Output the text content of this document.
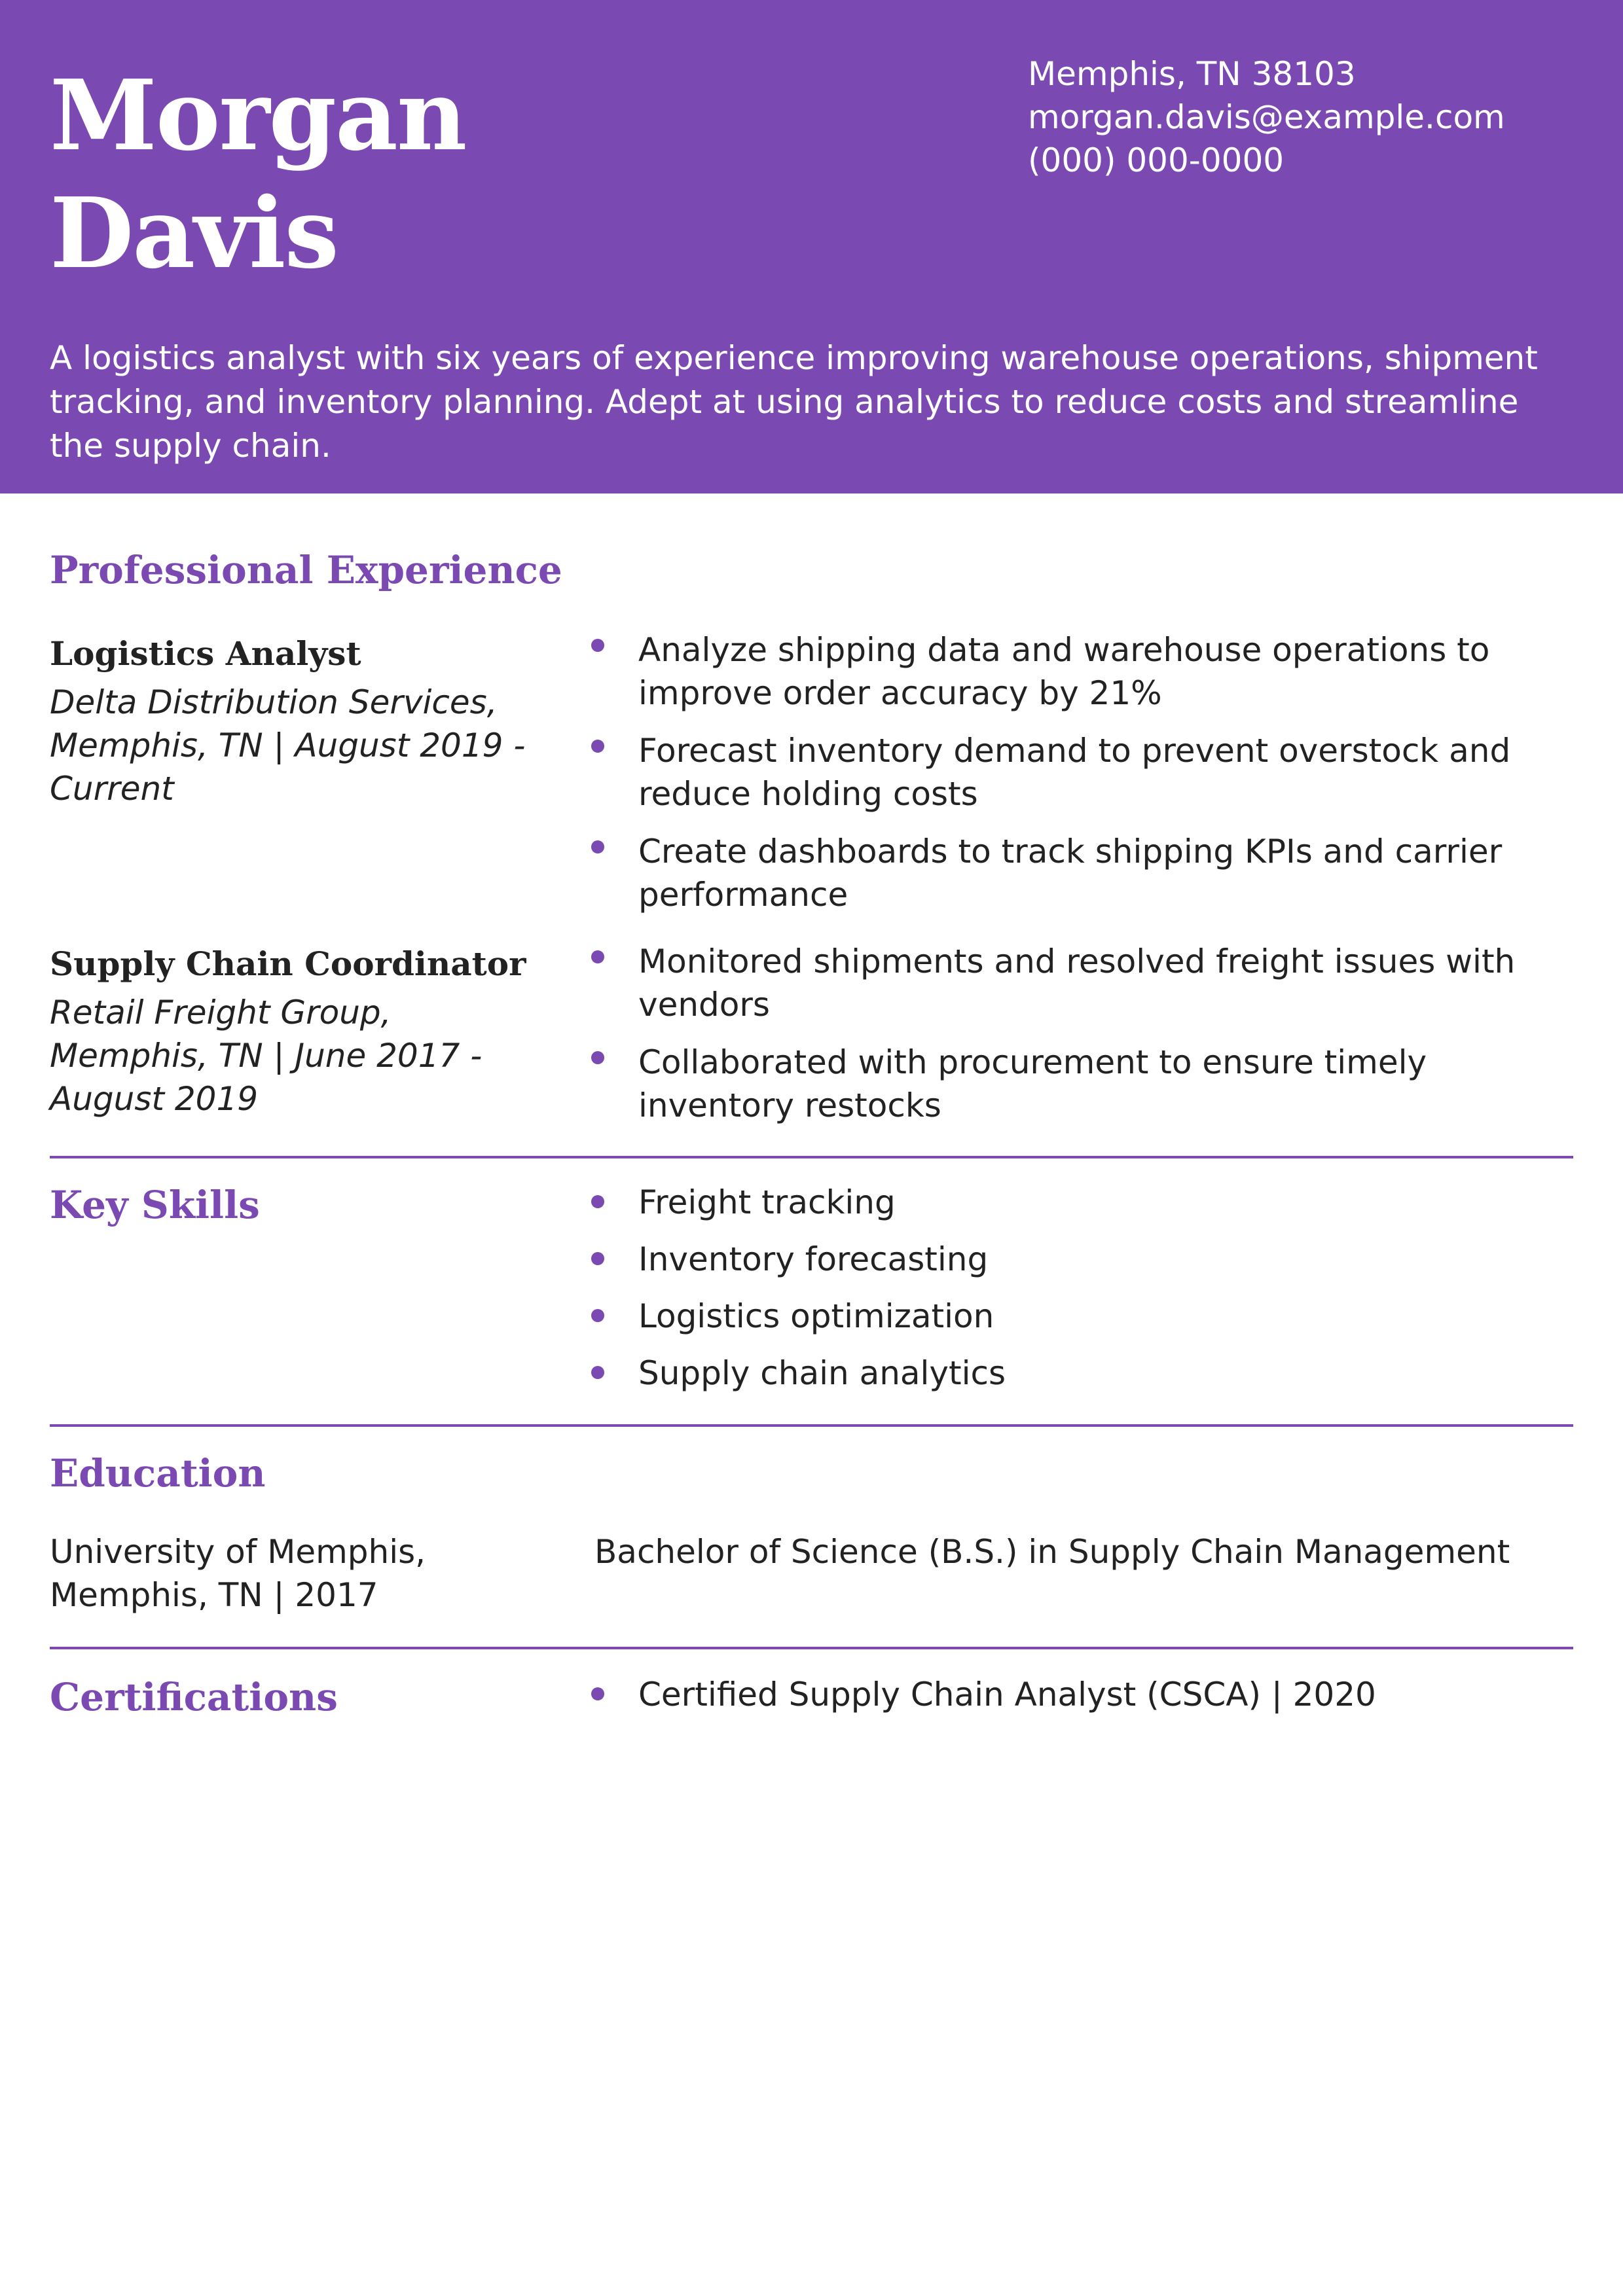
Morgan
Davis
Memphis, TN 38103
morgan.davis@example.com
(000) 000-0000
A logistics analyst with six years of experience improving warehouse operations, shipment tracking, and inventory planning. Adept at using analytics to reduce costs and streamline the supply chain.
Professional Experience
Logistics Analyst
Delta Distribution Services,
Memphis, TN | August 2019 -
Current
Analyze shipping data and warehouse operations to
improve order accuracy by 21%
Forecast inventory demand to prevent overstock and
reduce holding costs
Create dashboards to track shipping KPIs and carrier
performance
Supply Chain Coordinator
Retail Freight Group,
Memphis, TN | June 2017 -
August 2019
Monitored shipments and resolved freight issues with
vendors
Collaborated with procurement to ensure timely
inventory restocks
Key Skills	Freight tracking
Inventory forecasting
Logistics optimization
Supply chain analytics
Education
University of Memphis,
Memphis, TN | 2017
Bachelor of Science (B.S.) in Supply Chain Management
Certifications	Certified Supply Chain Analyst (CSCA) | 2020
